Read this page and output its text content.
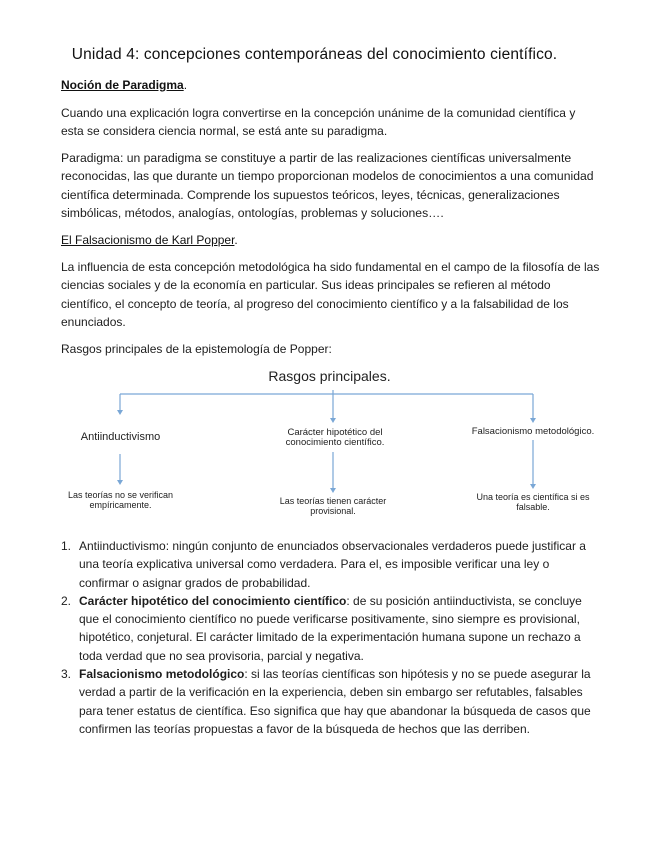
Unidad 4: concepciones contemporáneas del conocimiento científico.

Noción de Paradigma.

Cuando una explicación logra convertirse en la concepción unánime de la comunidad científica y esta se considera ciencia normal, se está ante su paradigma.

Paradigma: un paradigma se constituye a partir de las realizaciones científicas universalmente reconocidas, las que durante un tiempo proporcionan modelos de conocimientos a una comunidad científica determinada. Comprende los supuestos teóricos, leyes, técnicas, generalizaciones simbólicas, métodos, analogías, ontologías, problemas y soluciones….

El Falsacionismo de Karl Popper.

La influencia de esta concepción metodológica ha sido fundamental en el campo de la filosofía de las ciencias sociales y de la economía en particular. Sus ideas principales se refieren al método científico, el concepto de teoría, al progreso del conocimiento científico y a la falsabilidad de los enunciados.

Rasgos principales de la epistemología de Popper:

Rasgos principales.
Antiinductivismo	Carácter hipotético del conocimiento científico.
Falsacionismo metodológico.
Las teorías no se verifican empíricamente.	Las teorías tienen carácter provisional.
Una teoría es científica si es falsable.
1. Antiinductivismo: ningún conjunto de enunciados observacionales verdaderos puede justificar a una teoría explicativa universal como verdadera. Para el, es imposible verificar una ley o confirmar o asignar grados de probabilidad.
2. Carácter hipotético del conocimiento científico: de su posición antiinductivista, se concluye que el conocimiento científico no puede verificarse positivamente, sino siempre es provisional, hipotético, conjetural. El carácter limitado de la experimentación humana supone un rechazo a toda verdad que no sea provisoria, parcial y negativa.
3. Falsacionismo metodológico: si las teorías científicas son hipótesis y no se puede asegurar la verdad a partir de la verificación en la experiencia, deben sin embargo ser refutables, falsables para tener estatus de científica. Eso significa que hay que abandonar la búsqueda de casos que confirmen las teorías propuestas a favor de la búsqueda de hechos que las derriben.
